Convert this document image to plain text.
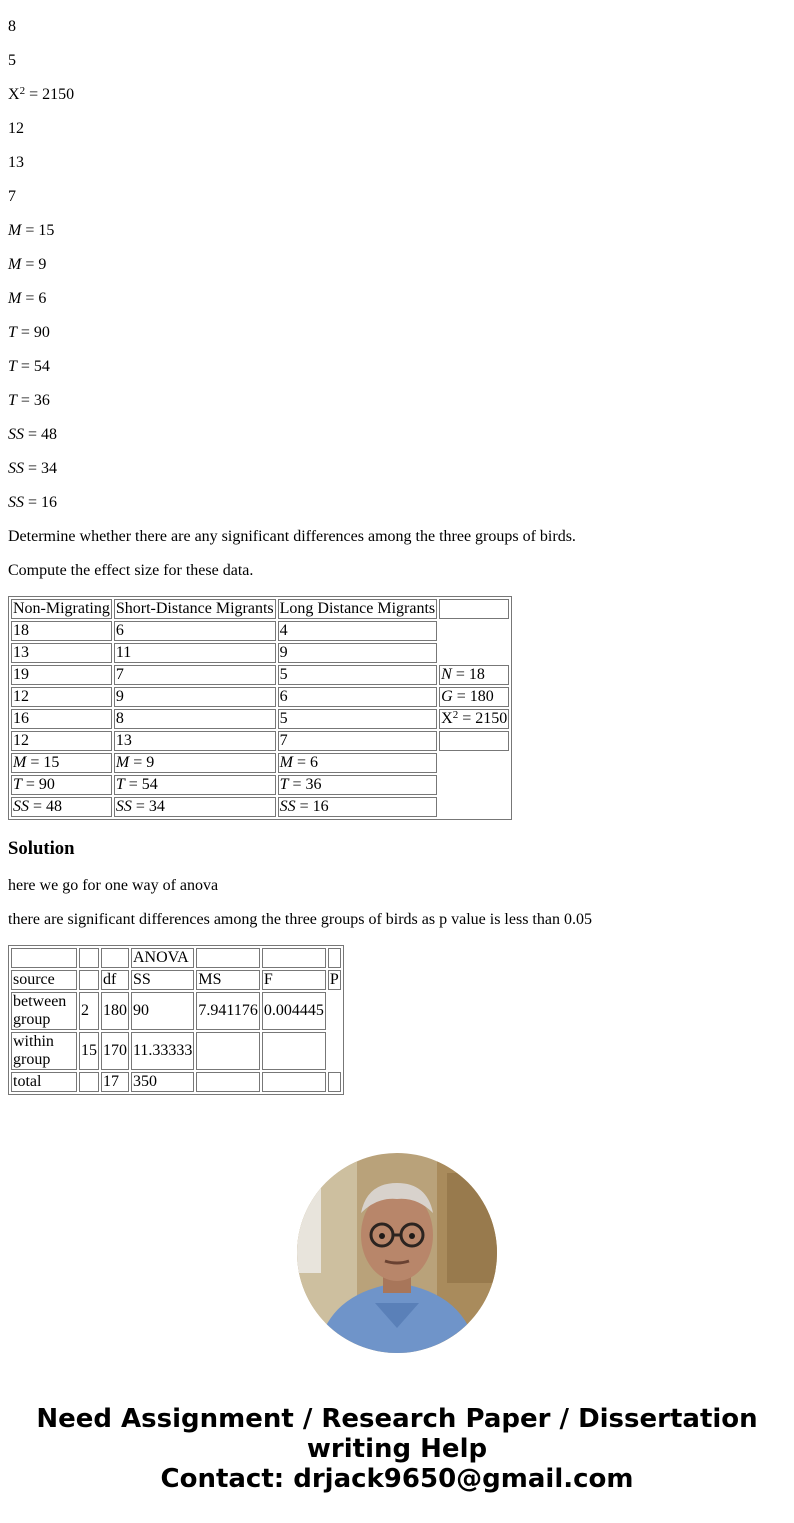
8

5

$X^2 = 2150$

12

13

7

M = 15

M = 9

M = 6

T = 90

T = 54

T = 36

SS = 48

SS = 34

SS = 16

Determine whether there are any significant differences among the three groups of birds.

Compute the effect size for these data.

Non-Migrating	Short-Distance Migrants	Long Distance Migrants	
18	6	4	
13	11	9	
19	7	5	N = 18
12	9	6	G = 180
16	8	5	$X^2 = 2150$
12	13	7	
M = 15	M = 9	M = 6	
T = 90	T = 54	T = 36	
SS = 48	SS = 34	SS = 16	
Solution

here we go for one way of anova

there are significant differences among the three groups of birds as p value is less than 0.05

			ANOVA			
source		df	SS	MS	F	P
between group	2	180	90	7.941176	0.004445	
within group	15	170	11.33333			
total		17	350			
Need Assignment / Research Paper / Dissertation
writing Help
Contact: drjack9650@gmail.com
